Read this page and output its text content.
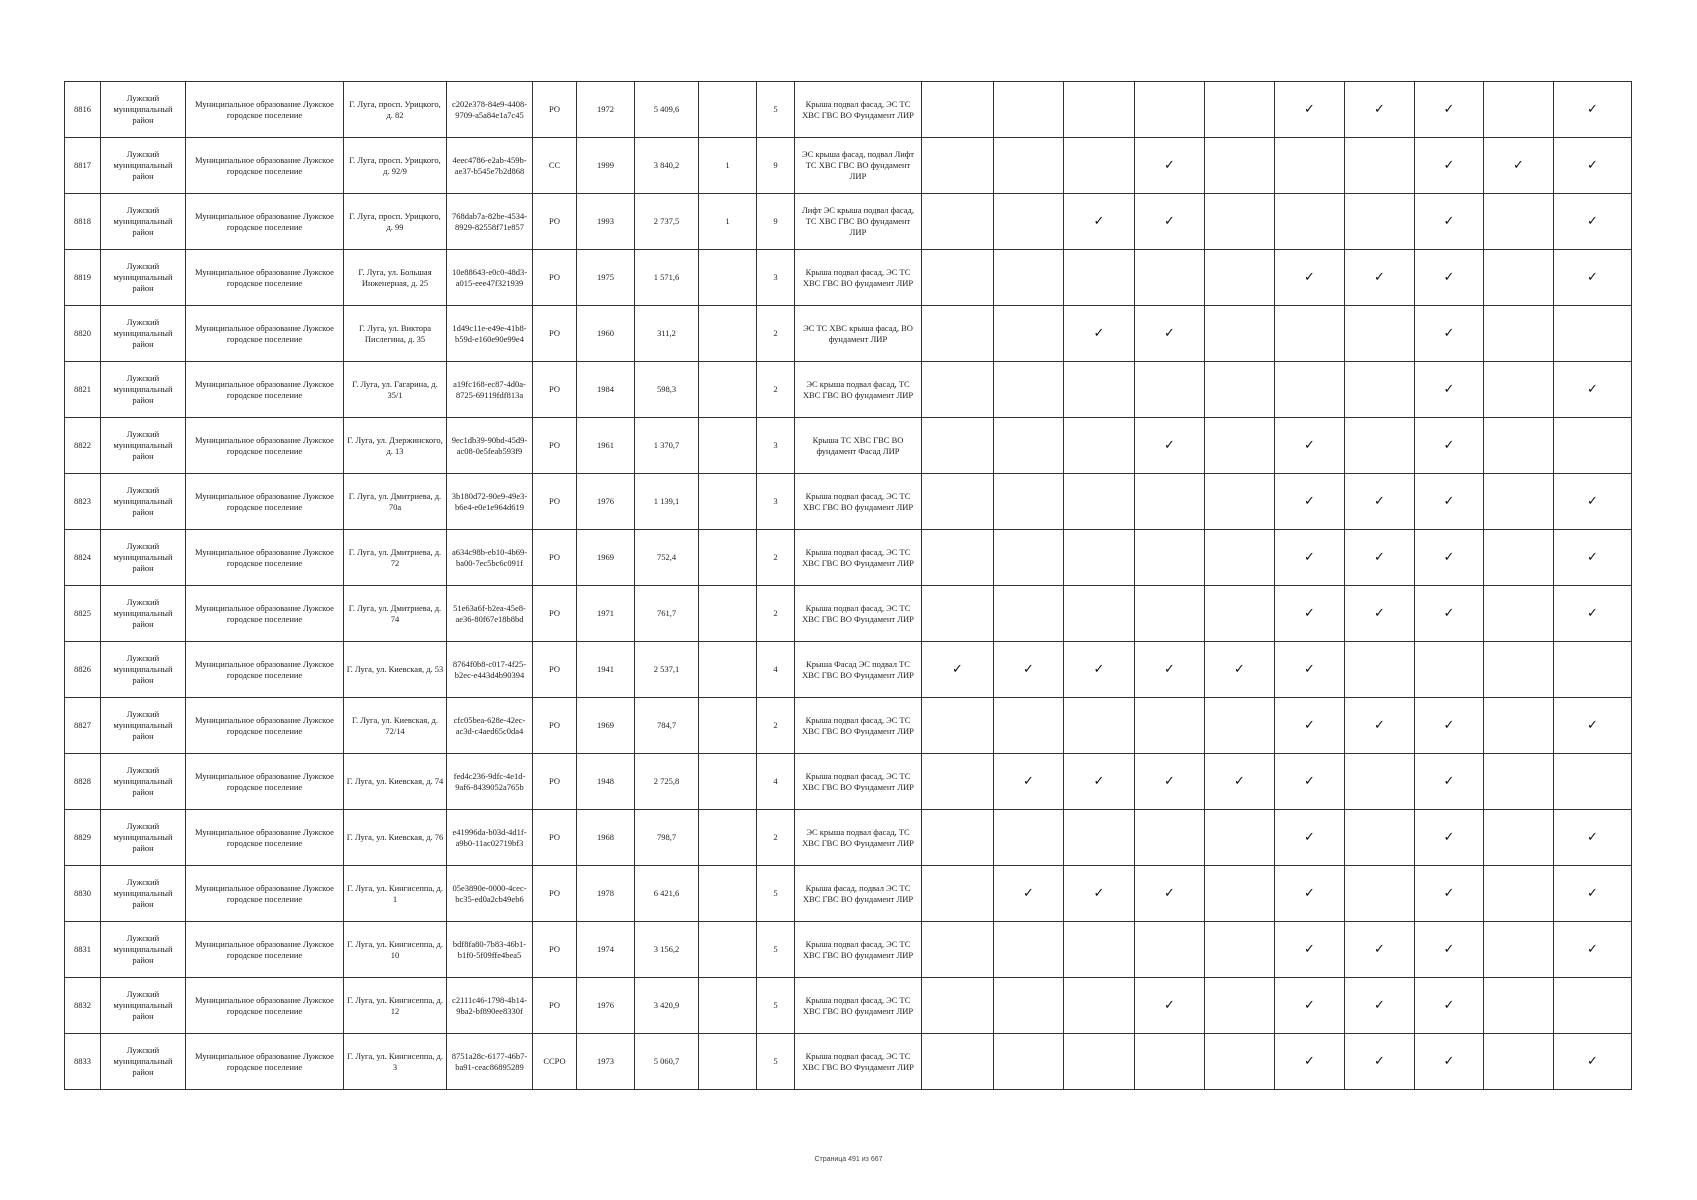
8816	Лужский муниципальный район	Муниципальное образование Лужское городское поселение	Г. Луга, просп. Урицкого, д. 82	c202e378-84e9-4408-9709-a5a84e1a7c45	РО	1972	5 409,6		5	Крыша подвал фасад, ЭС ТС ХВС ГВС ВО Фундамент ЛИР						✓	✓	✓		✓
8817	Лужский муниципальный район	Муниципальное образование Лужское городское поселение	Г. Луга, просп. Урицкого, д. 92/9	4eec4786-e2ab-459b-ae37-b545e7b2d868	СС	1999	3 840,2	1	9	ЭС крыша фасад, подвал Лифт ТС ХВС ГВС ВО фундамент ЛИР				✓				✓	✓	✓
8818	Лужский муниципальный район	Муниципальное образование Лужское городское поселение	Г. Луга, просп. Урицкого, д. 99	768dab7a-82be-4534-8929-82558f71e857	РО	1993	2 737,5	1	9	Лифт ЭС крыша подвал фасад, ТС ХВС ГВС ВО фундамент ЛИР			✓	✓				✓		✓
8819	Лужский муниципальный район	Муниципальное образование Лужское городское поселение	Г. Луга, ул. Большая Инженерная, д. 25	10e88643-e0c0-48d3-a015-eee47f321939	РО	1975	1 571,6		3	Крыша подвал фасад, ЭС ТС ХВС ГВС ВО фундамент ЛИР						✓	✓	✓		✓
8820	Лужский муниципальный район	Муниципальное образование Лужское городское поселение	Г. Луга, ул. Виктора Пислегина, д. 35	1d49c11e-e49e-41b8-b59d-e160e90e99e4	РО	1960	311,2		2	ЭС ТС ХВС крыша фасад, ВО фундамент ЛИР			✓	✓				✓		
8821	Лужский муниципальный район	Муниципальное образование Лужское городское поселение	Г. Луга, ул. Гагарина, д. 35/1	a19fc168-ec87-4d0a-8725-69119fdf813a	РО	1984	598,3		2	ЭС крыша подвал фасад, ТС ХВС ГВС ВО фундамент ЛИР								✓		✓
8822	Лужский муниципальный район	Муниципальное образование Лужское городское поселение	Г. Луга, ул. Дзержинского, д. 13	9ec1db39-90bd-45d9-ac08-0e5feab593f9	РО	1961	1 370,7		3	Крыша ТС ХВС ГВС ВО фундамент Фасад ЛИР				✓		✓		✓		
8823	Лужский муниципальный район	Муниципальное образование Лужское городское поселение	Г. Луга, ул. Дмитриева, д. 70а	3b180d72-90e9-49e3-b6e4-e0e1e964d619	РО	1976	1 139,1		3	Крыша подвал фасад, ЭС ТС ХВС ГВС ВО фундамент ЛИР						✓	✓	✓		✓
8824	Лужский муниципальный район	Муниципальное образование Лужское городское поселение	Г. Луга, ул. Дмитриева, д. 72	a634c98b-eb10-4b69-ba00-7ec5bc6c091f	РО	1969	752,4		2	Крыша подвал фасад, ЭС ТС ХВС ГВС ВО Фундамент ЛИР						✓	✓	✓		✓
8825	Лужский муниципальный район	Муниципальное образование Лужское городское поселение	Г. Луга, ул. Дмитриева, д. 74	51e63a6f-b2ea-45e8-ae36-80f67e18b8bd	РО	1971	761,7		2	Крыша подвал фасад, ЭС ТС ХВС ГВС ВО Фундамент ЛИР						✓	✓	✓		✓
8826	Лужский муниципальный район	Муниципальное образование Лужское городское поселение	Г. Луга, ул. Киевская, д. 53	8764f0b8-c017-4f25-b2ec-e443d4b90394	РО	1941	2 537,1		4	Крыша Фасад ЭС подвал ТС ХВС ГВС ВО Фундамент ЛИР	✓	✓	✓	✓	✓	✓				
8827	Лужский муниципальный район	Муниципальное образование Лужское городское поселение	Г. Луга, ул. Киевская, д. 72/14	cfc05bea-628e-42ec-ac3d-c4aed65c0da4	РО	1969	784,7		2	Крыша подвал фасад, ЭС ТС ХВС ГВС ВО Фундамент ЛИР						✓	✓	✓		✓
8828	Лужский муниципальный район	Муниципальное образование Лужское городское поселение	Г. Луга, ул. Киевская, д. 74	fed4c236-9dfc-4e1d-9af6-8439052a765b	РО	1948	2 725,8		4	Крыша подвал фасад, ЭС ТС ХВС ГВС ВО Фундамент ЛИР		✓	✓	✓	✓	✓		✓		
8829	Лужский муниципальный район	Муниципальное образование Лужское городское поселение	Г. Луга, ул. Киевская, д. 76	e41996da-b03d-4d1f-a9b0-11ac02719bf3	РО	1968	798,7		2	ЭС крыша подвал фасад, ТС ХВС ГВС ВО Фундамент ЛИР						✓		✓		✓
8830	Лужский муниципальный район	Муниципальное образование Лужское городское поселение	Г. Луга, ул. Кингисеппа, д. 1	05e3890e-0000-4cec-bc35-ed0a2cb49eb6	РО	1978	6 421,6		5	Крыша фасад, подвал ЭС ТС ХВС ГВС ВО фундамент ЛИР		✓	✓	✓		✓		✓		✓
8831	Лужский муниципальный район	Муниципальное образование Лужское городское поселение	Г. Луга, ул. Кингисеппа, д. 10	bdf8fa80-7b83-46b1-b1f0-5f09ffe4bea5	РО	1974	3 156,2		5	Крыша подвал фасад, ЭС ТС ХВС ГВС ВО фундамент ЛИР						✓	✓	✓		✓
8832	Лужский муниципальный район	Муниципальное образование Лужское городское поселение	Г. Луга, ул. Кингисеппа, д. 12	c2111c46-1798-4b14-9ba2-bf890ee8330f	РО	1976	3 420,9		5	Крыша подвал фасад, ЭС ТС ХВС ГВС ВО фундамент ЛИР				✓		✓	✓	✓		
8833	Лужский муниципальный район	Муниципальное образование Лужское городское поселение	Г. Луга, ул. Кингисеппа, д. 3	8751a28c-6177-46b7-ba91-ceac86895289	ССРО	1973	5 060,7		5	Крыша подвал фасад, ЭС ТС ХВС ГВС ВО Фундамент ЛИР						✓	✓	✓		✓
Страница 491 из 667
